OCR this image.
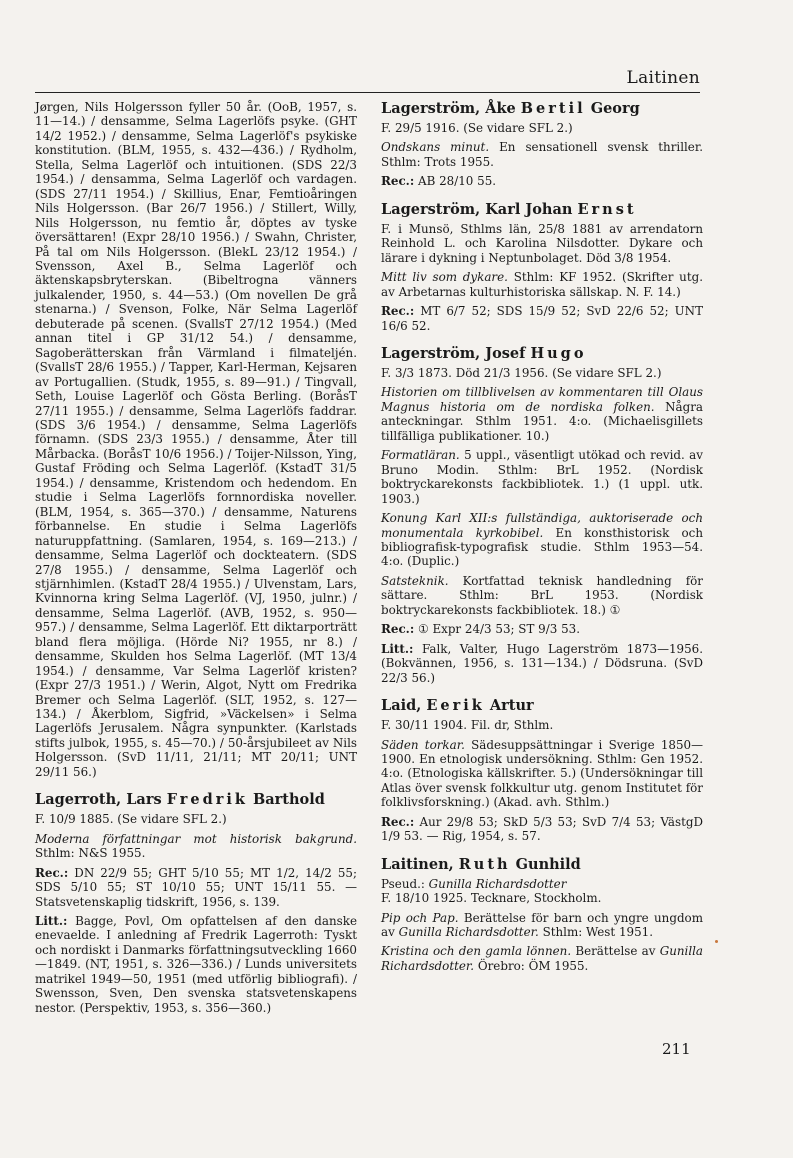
Laitinen

Jørgen, Nils Holgersson fyller 50 år. (OoB, 1957, s. 11—14.) / densamme, Selma Lagerlöfs psyke. (GHT 14/2 1952.) / densamme, Selma Lagerlöf's psykiske konstitution. (BLM, 1955, s. 432—436.) / Rydholm, Stella, Selma Lagerlöf och intuitionen. (SDS 22/3 1954.) / densamma, Selma Lagerlöf och vardagen. (SDS 27/11 1954.) / Skillius, Enar, Femtioåringen Nils Holgersson. (Bar 26/7 1956.) / Stillert, Willy, Nils Holgersson, nu femtio år, döptes av tyske översättaren! (Expr 28/10 1956.) / Swahn, Christer, På tal om Nils Holgersson. (BlekL 23/12 1954.) / Svensson, Axel B., Selma Lagerlöf och äktenskapsbryterskan. (Bibeltrogna vänners julkalender, 1950, s. 44—53.) (Om novellen De grå stenarna.) / Svenson, Folke, När Selma Lagerlöf debuterade på scenen. (SvallsT 27/12 1954.) (Med annan titel i GP 31/12 54.) / densamme, Sagoberätterskan från Värmland i filmateljén. (SvallsT 28/6 1955.) / Tapper, Karl-Herman, Kejsaren av Portugallien. (Studk, 1955, s. 89—91.) / Tingvall, Seth, Louise Lagerlöf och Gösta Berling. (BoråsT 27/11 1955.) / densamme, Selma Lagerlöfs faddrar. (SDS 3/6 1954.) / densamme, Selma Lagerlöfs förnamn. (SDS 23/3 1955.) / densamme, Åter till Mårbacka. (BoråsT 10/6 1956.) / Toijer-Nilsson, Ying, Gustaf Fröding och Selma Lagerlöf. (KstadT 31/5 1954.) / densamme, Kristendom och hedendom. En studie i Selma Lagerlöfs fornnordiska noveller. (BLM, 1954, s. 365—370.) / densamme, Naturens förbannelse. En studie i Selma Lagerlöfs naturuppfattning. (Samlaren, 1954, s. 169—213.) / densamme, Selma Lagerlöf och dockteatern. (SDS 27/8 1955.) / densamme, Selma Lagerlöf och stjärnhimlen. (KstadT 28/4 1955.) / Ulvenstam, Lars, Kvinnorna kring Selma Lagerlöf. (VJ, 1950, julnr.) / densamme, Selma Lagerlöf. (AVB, 1952, s. 950—957.) / densamme, Selma Lagerlöf. Ett diktarporträtt bland flera möjliga. (Hörde Ni? 1955, nr 8.) / densamme, Skulden hos Selma Lagerlöf. (MT 13/4 1954.) / densamme, Var Selma Lagerlöf kristen? (Expr 27/3 1951.) / Werin, Algot, Nytt om Fredrika Bremer och Selma Lagerlöf. (SLT, 1952, s. 127—134.) / Åkerblom, Sigfrid, »Väckelsen» i Selma Lagerlöfs Jerusalem. Några synpunkter. (Karlstads stifts julbok, 1955, s. 45—70.) / 50-årsjubileet av Nils Holgersson. (SvD 11/11, 21/11; MT 20/11; UNT 29/11 56.)

Lagerroth, Lars Fredrik Barthold

F. 10/9 1885. (Se vidare SFL 2.)

Moderna författningar mot historisk bakgrund. Sthlm: N&S 1955.

Rec.: DN 22/9 55; GHT 5/10 55; MT 1/2, 14/2 55; SDS 5/10 55; ST 10/10 55; UNT 15/11 55. — Statsvetenskaplig tidskrift, 1956, s. 139.

Litt.: Bagge, Povl, Om opfattelsen af den danske enevaelde. I anledning af Fredrik Lagerroth: Tyskt och nordiskt i Danmarks författningsutveckling 1660—1849. (NT, 1951, s. 326—336.) / Lunds universitets matrikel 1949—50, 1951 (med utförlig bibliografi). / Swensson, Sven, Den svenska statsvetenskapens nestor. (Perspektiv, 1953, s. 356—360.)

Lagerström, Åke Bertil Georg

F. 29/5 1916. (Se vidare SFL 2.)

Ondskans minut. En sensationell svensk thriller. Sthlm: Trots 1955.

Rec.: AB 28/10 55.

Lagerström, Karl Johan Ernst

F. i Munsö, Sthlms län, 25/8 1881 av arrendatorn Reinhold L. och Karolina Nilsdotter. Dykare och lärare i dykning i Neptunbolaget. Död 3/8 1954.

Mitt liv som dykare. Sthlm: KF 1952. (Skrifter utg. av Arbetarnas kulturhistoriska sällskap. N. F. 14.)

Rec.: MT 6/7 52; SDS 15/9 52; SvD 22/6 52; UNT 16/6 52.

Lagerström, Josef Hugo

F. 3/3 1873. Död 21/3 1956. (Se vidare SFL 2.)

Historien om tillblivelsen av kommentaren till Olaus Magnus historia om de nordiska folken. Några anteckningar. Sthlm 1951. 4:o. (Michaelisgillets tillfälliga publikationer. 10.)

Formatläran. 5 uppl., väsentligt utökad och revid. av Bruno Modin. Sthlm: BrL 1952. (Nordisk boktryckarekonsts fackbibliotek. 1.) (1 uppl. utk. 1903.)

Konung Karl XII:s fullständiga, auktoriserade och monumentala kyrkobibel. En konsthistorisk och bibliografisk-typografisk studie. Sthlm 1953—54. 4:o. (Duplic.)

Satsteknik. Kortfattad teknisk handledning för sättare. Sthlm: BrL 1953. (Nordisk boktryckarekonsts fackbibliotek. 18.) ①

Rec.: ① Expr 24/3 53; ST 9/3 53.

Litt.: Falk, Valter, Hugo Lagerström 1873—1956. (Bokvännen, 1956, s. 131—134.) / Dödsruna. (SvD 22/3 56.)

Laid, Eerik Artur

F. 30/11 1904. Fil. dr, Sthlm.

Säden torkar. Sädesuppsättningar i Sverige 1850—1900. En etnologisk undersökning. Sthlm: Gen 1952. 4:o. (Etnologiska källskrifter. 5.) (Undersökningar till Atlas över svensk folkkultur utg. genom Institutet för folklivsforskning.) (Akad. avh. Sthlm.)

Rec.: Aur 29/8 53; SkD 5/3 53; SvD 7/4 53; VästgD 1/9 53. — Rig, 1954, s. 57.

Laitinen, Ruth Gunhild

Pseud.: Gunilla Richardsdotter

F. 18/10 1925. Tecknare, Stockholm.

Pip och Pap. Berättelse för barn och yngre ungdom av Gunilla Richardsdotter. Sthlm: West 1951.

Kristina och den gamla lönnen. Berättelse av Gunilla Richardsdotter. Örebro: ÖM 1955.

211
